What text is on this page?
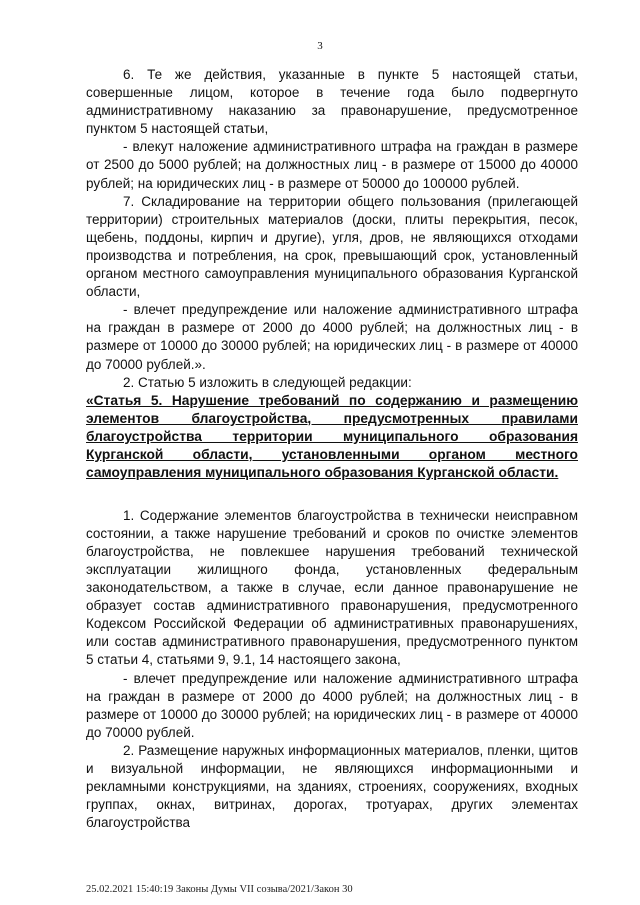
3

6. Те же действия, указанные в пункте 5 настоящей статьи, совершенные лицом, которое в течение года было подвергнуто административному наказанию за правонарушение, предусмотренное пунктом 5 настоящей статьи,

- влекут наложение административного штрафа на граждан в размере от 2500 до 5000 рублей; на должностных лиц - в размере от 15000 до 40000 рублей; на юридических лиц - в размере от 50000 до 100000 рублей.

7. Складирование на территории общего пользования (прилегающей территории) строительных материалов (доски, плиты перекрытия, песок, щебень, поддоны, кирпич и другие), угля, дров, не являющихся отходами производства и потребления, на срок, превышающий срок, установленный органом местного самоуправления муниципального образования Курганской области,

- влечет предупреждение или наложение административного штрафа на граждан в размере от 2000 до 4000 рублей; на должностных лиц - в размере от 10000 до 30000 рублей; на юридических лиц - в размере от 40000 до 70000 рублей.».

2. Статью 5 изложить в следующей редакции:

«Статья 5. Нарушение требований по содержанию и размещению элементов благоустройства, предусмотренных правилами благоустройства территории муниципального образования Курганской области, установленными органом местного самоуправления муниципального образования Курганской области.

1. Содержание элементов благоустройства в технически неисправном состоянии, а также нарушение требований и сроков по очистке элементов благоустройства, не повлекшее нарушения требований технической эксплуатации жилищного фонда, установленных федеральным законодательством, а также в случае, если данное правонарушение не образует состав административного правонарушения, предусмотренного Кодексом Российской Федерации об административных правонарушениях, или состав административного правонарушения, предусмотренного пунктом 5 статьи 4, статьями 9, 9.1, 14 настоящего закона,

- влечет предупреждение или наложение административного штрафа на граждан в размере от 2000 до 4000 рублей; на должностных лиц - в размере от 10000 до 30000 рублей; на юридических лиц - в размере от 40000 до 70000 рублей.

2. Размещение наружных информационных материалов, пленки, щитов и визуальной информации, не являющихся информационными и рекламными конструкциями, на зданиях, строениях, сооружениях, входных группах, окнах, витринах, дорогах, тротуарах, других элементах благоустройства

25.02.2021 15:40:19 Законы Думы VII созыва/2021/Закон 30
